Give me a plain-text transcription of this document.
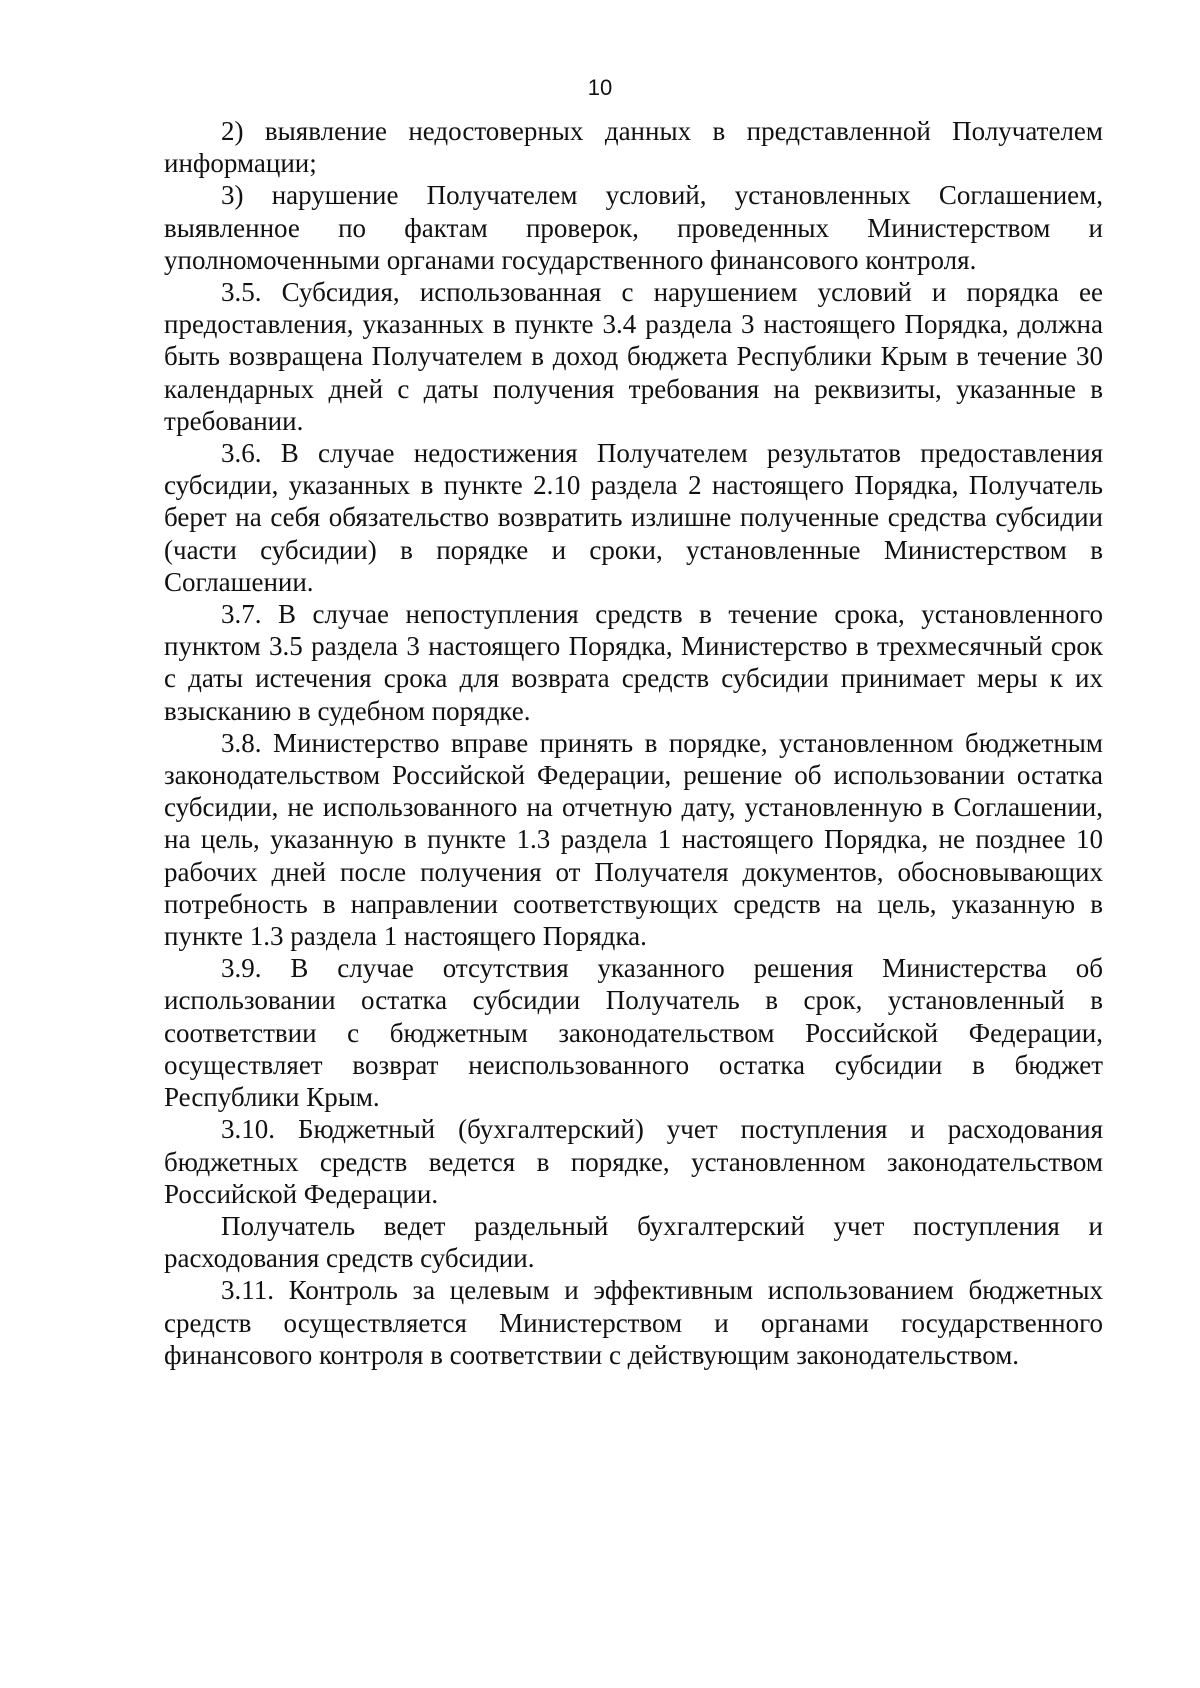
10

2) выявление недостоверных данных в представленной Получателем информации;

3) нарушение Получателем условий, установленных Соглашением, выявленное по фактам проверок, проведенных Министерством и уполномоченными органами государственного финансового контроля.

3.5. Субсидия, использованная с нарушением условий и порядка ее предоставления, указанных в пункте 3.4 раздела 3 настоящего Порядка, должна быть возвращена Получателем в доход бюджета Республики Крым в течение 30 календарных дней с даты получения требования на реквизиты, указанные в требовании.

3.6. В случае недостижения Получателем результатов предоставления субсидии, указанных в пункте 2.10 раздела 2 настоящего Порядка, Получатель берет на себя обязательство возвратить излишне полученные средства субсидии (части субсидии) в порядке и сроки, установленные Министерством в Соглашении.

3.7. В случае непоступления средств в течение срока, установленного пунктом 3.5 раздела 3 настоящего Порядка, Министерство в трехмесячный срок с даты истечения срока для возврата средств субсидии принимает меры к их взысканию в судебном порядке.

3.8. Министерство вправе принять в порядке, установленном бюджетным законодательством Российской Федерации, решение об использовании остатка субсидии, не использованного на отчетную дату, установленную в Соглашении, на цель, указанную в пункте 1.3 раздела 1 настоящего Порядка, не позднее 10 рабочих дней после получения от Получателя документов, обосновывающих потребность в направлении соответствующих средств на цель, указанную в пункте 1.3 раздела 1 настоящего Порядка.

3.9. В случае отсутствия указанного решения Министерства об использовании остатка субсидии Получатель в срок, установленный в соответствии с бюджетным законодательством Российской Федерации, осуществляет возврат неиспользованного остатка субсидии в бюджет Республики Крым.

3.10. Бюджетный (бухгалтерский) учет поступления и расходования бюджетных средств ведется в порядке, установленном законодательством Российской Федерации.

Получатель ведет раздельный бухгалтерский учет поступления и расходования средств субсидии.

3.11. Контроль за целевым и эффективным использованием бюджетных средств осуществляется Министерством и органами государственного финансового контроля в соответствии с действующим законодательством.
